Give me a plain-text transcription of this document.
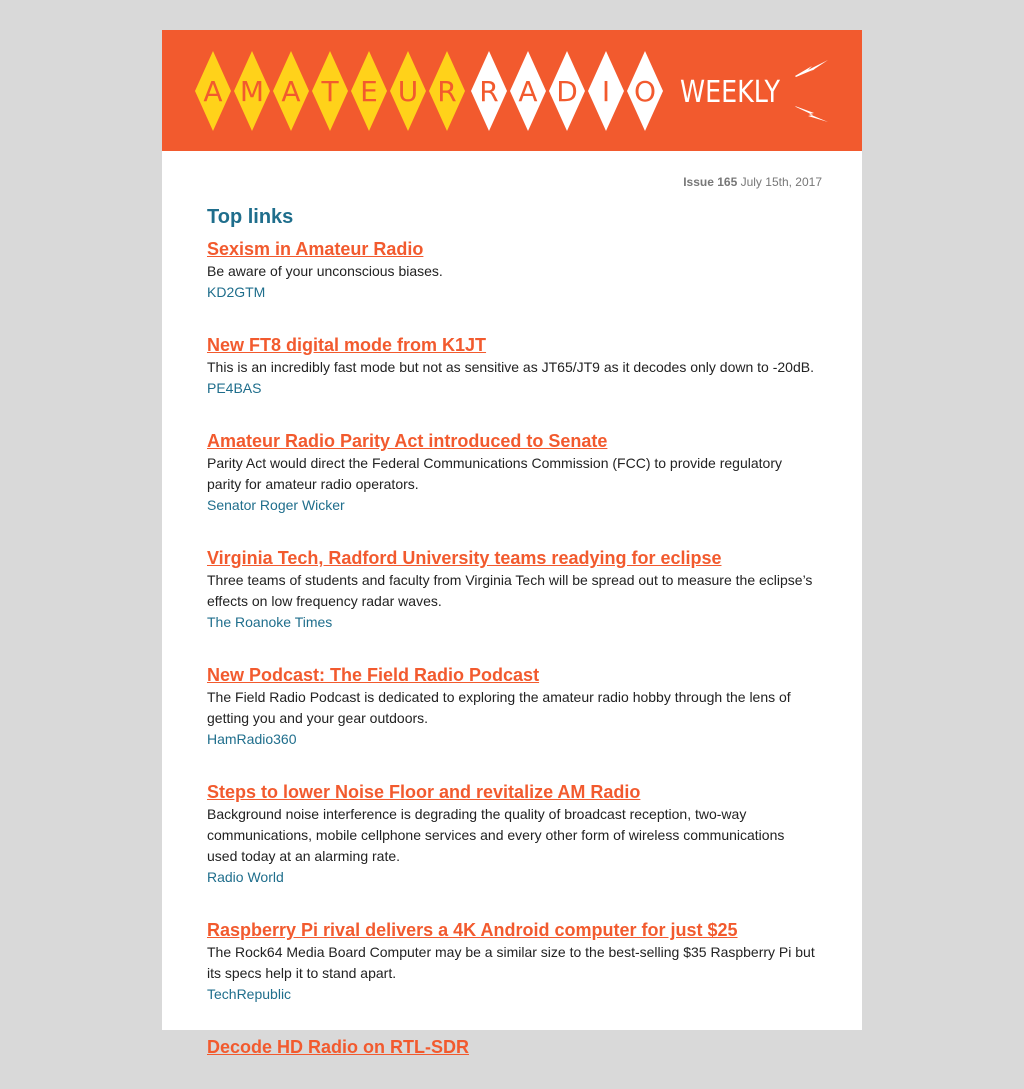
A M A T E U R R A D I O WEEKLY
Issue 165 July 15th, 2017
Top links
Sexism in Amateur Radio

Be aware of your unconscious biases.

KD2GTM
New FT8 digital mode from K1JT

This is an incredibly fast mode but not as sensitive as JT65/JT9 as it decodes only down to -20dB.

PE4BAS
Amateur Radio Parity Act introduced to Senate

Parity Act would direct the Federal Communications Commission (FCC) to provide regulatory parity for amateur radio operators.

Senator Roger Wicker
Virginia Tech, Radford University teams readying for eclipse

Three teams of students and faculty from Virginia Tech will be spread out to measure the eclipse’s effects on low frequency radar waves.

The Roanoke Times
New Podcast: The Field Radio Podcast

The Field Radio Podcast is dedicated to exploring the amateur radio hobby through the lens of getting you and your gear outdoors.

HamRadio360
Steps to lower Noise Floor and revitalize AM Radio

Background noise interference is degrading the quality of broadcast reception, two-way communications, mobile cellphone services and every other form of wireless communications used today at an alarming rate.

Radio World
Raspberry Pi rival delivers a 4K Android computer for just $25

The Rock64 Media Board Computer may be a similar size to the best-selling $35 Raspberry Pi but its specs help it to stand apart.

TechRepublic
Decode HD Radio on RTL-SDR
